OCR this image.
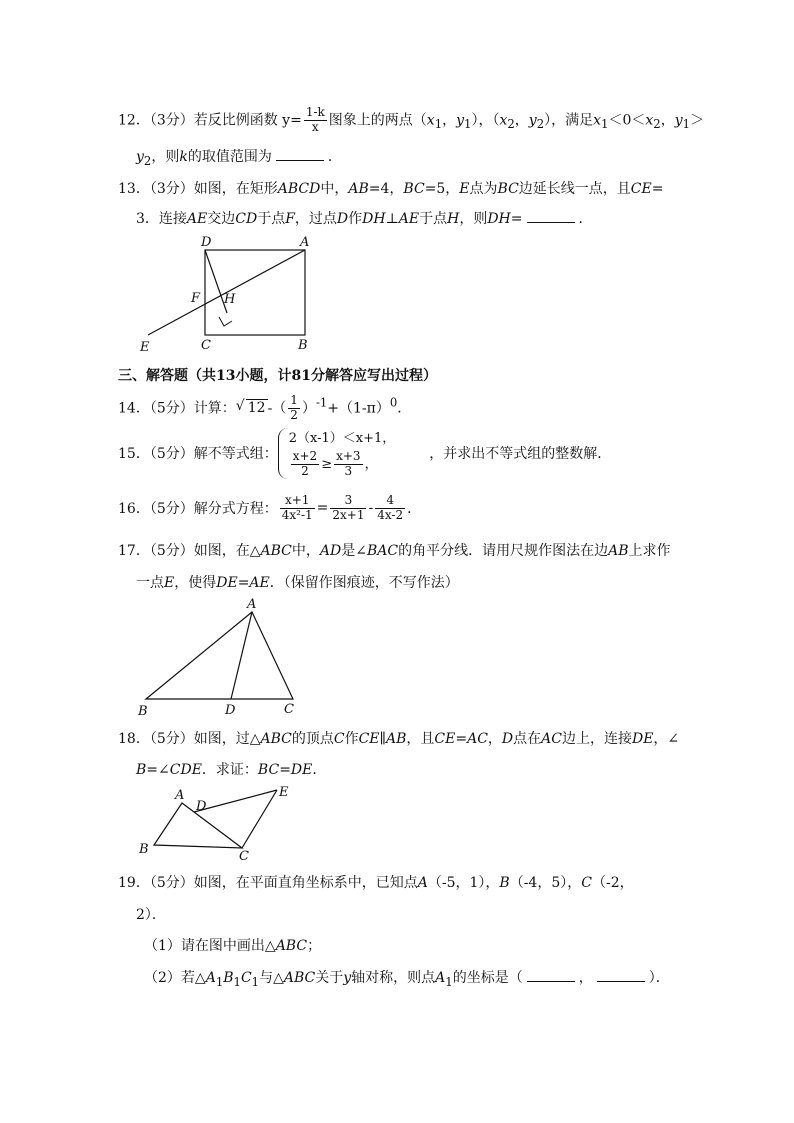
12．（3分）若反比例函数 $y= \frac{1-k}{x}$ 图象上的两点（$x_1$，$y_1$），（$x_2$，$y_2$），满足$x_1<0<x_2$，$y_1>$
$y_2$，则k的取值范围为	．
13．（3分）如图，在矩形ABCD中，AB=4，BC=5，E点为BC边延长线一点，且CE=
3．连接AE交边CD于点F，过点D作DH⊥AE于点H，则DH=	．
D	A
F H
E	C	B
三、解答题（共13小题，计81分解答应写出过程）
14．（5分）计算：√ 12 -（ $\frac{1}{2} )^{-1}+(1-\pi)^0$．
15．（5分）解不等式组：
2（x-1）＜x+1，
$\frac{x+2}{2} \ge \frac{x+3}{3}$ ，
，并求出不等式组的整数解．
16．（5分）解分式方程： $\frac{x+1}{\text{4x²-1}} = \frac{3}{2x+1} - \frac{4}{4x-2}$ ．
17．（5分）如图，在△ABC中，AD是∠BAC的角平分线．请用尺规作图法在边AB上求作
一点E，使得DE=AE．（保留作图痕迹，不写作法）
A
B	D	C
18．（5分）如图，过△ABC的顶点C作CE∥AB，且CE=AC，D点在AC边上，连接DE，∠
B=∠CDE．求证：BC=DE．
A
D
E
B	C
19．（5分）如图，在平面直角坐标系中，已知点A（-5，1），B（-4，5），C（-2，
2）．
（1）请在图中画出△ABC；
（2）若$\triangle A_1B_1C_1$与△ABC关于y轴对称，则点$A_1$的坐标是（	，	）．
